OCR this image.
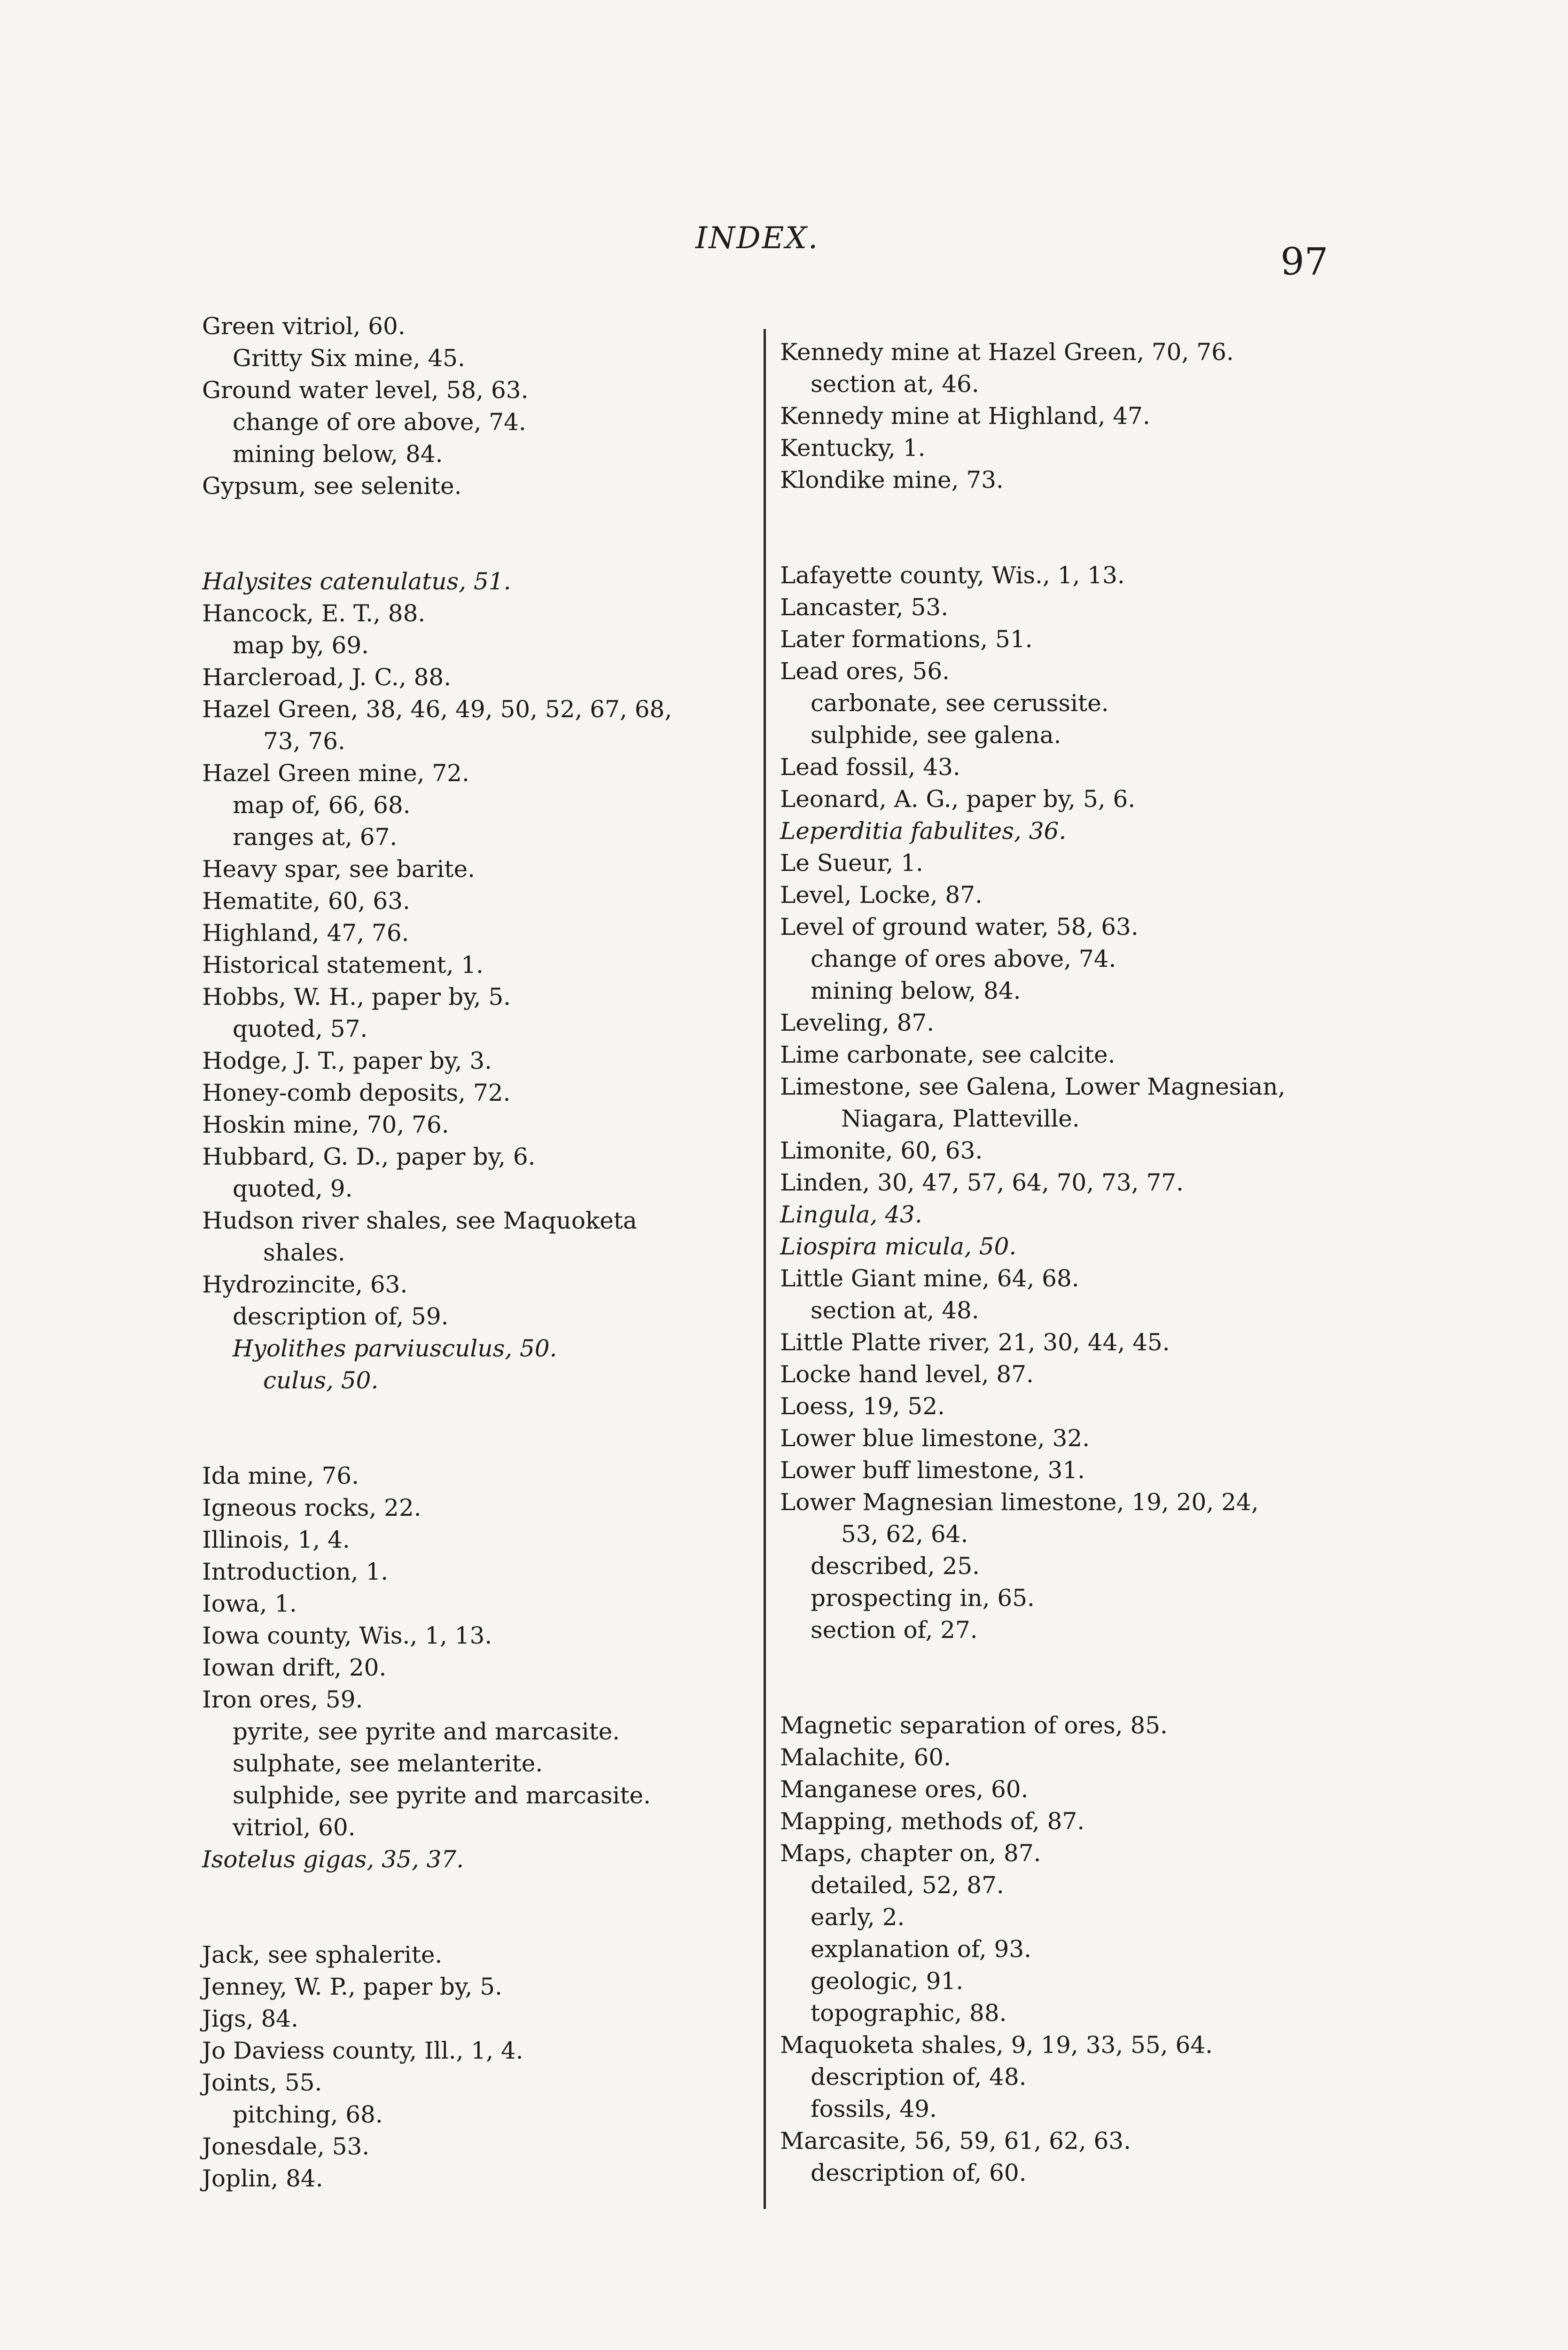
INDEX.
97
Green vitriol, 60.
Gritty Six mine, 45.
Ground water level, 58, 63.
change of ore above, 74.
mining below, 84.
Gypsum, see selenite.
Halysites catenulatus, 51.
Hancock, E. T., 88.
map by, 69.
Harcleroad, J. C., 88.
Hazel Green, 38, 46, 49, 50, 52, 67, 68,
73, 76.
Hazel Green mine, 72.
map of, 66, 68.
ranges at, 67.
Heavy spar, see barite.
Hematite, 60, 63.
Highland, 47, 76.
Historical statement, 1.
Hobbs, W. H., paper by, 5.
quoted, 57.
Hodge, J. T., paper by, 3.
Honey-comb deposits, 72.
Hoskin mine, 70, 76.
Hubbard, G. D., paper by, 6.
quoted, 9.
Hudson river shales, see Maquoketa
shales.
Hydrozincite, 63.
description of, 59.
Hyolithes parviusculus, 50.
culus, 50.
Ida mine, 76.
Igneous rocks, 22.
Illinois, 1, 4.
Introduction, 1.
Iowa, 1.
Iowa county, Wis., 1, 13.
Iowan drift, 20.
Iron ores, 59.
pyrite, see pyrite and marcasite.
sulphate, see melanterite.
sulphide, see pyrite and marcasite.
vitriol, 60.
Isotelus gigas, 35, 37.
Jack, see sphalerite.
Jenney, W. P., paper by, 5.
Jigs, 84.
Jo Daviess county, Ill., 1, 4.
Joints, 55.
pitching, 68.
Jonesdale, 53.
Joplin, 84.
Kennedy mine at Hazel Green, 70, 76.
section at, 46.
Kennedy mine at Highland, 47.
Kentucky, 1.
Klondike mine, 73.
Lafayette county, Wis., 1, 13.
Lancaster, 53.
Later formations, 51.
Lead ores, 56.
carbonate, see cerussite.
sulphide, see galena.
Lead fossil, 43.
Leonard, A. G., paper by, 5, 6.
Leperditia fabulites, 36.
Le Sueur, 1.
Level, Locke, 87.
Level of ground water, 58, 63.
change of ores above, 74.
mining below, 84.
Leveling, 87.
Lime carbonate, see calcite.
Limestone, see Galena, Lower Magnesian,
Niagara, Platteville.
Limonite, 60, 63.
Linden, 30, 47, 57, 64, 70, 73, 77.
Lingula, 43.
Liospira micula, 50.
Little Giant mine, 64, 68.
section at, 48.
Little Platte river, 21, 30, 44, 45.
Locke hand level, 87.
Loess, 19, 52.
Lower blue limestone, 32.
Lower buff limestone, 31.
Lower Magnesian limestone, 19, 20, 24,
53, 62, 64.
described, 25.
prospecting in, 65.
section of, 27.
Magnetic separation of ores, 85.
Malachite, 60.
Manganese ores, 60.
Mapping, methods of, 87.
Maps, chapter on, 87.
detailed, 52, 87.
early, 2.
explanation of, 93.
geologic, 91.
topographic, 88.
Maquoketa shales, 9, 19, 33, 55, 64.
description of, 48.
fossils, 49.
Marcasite, 56, 59, 61, 62, 63.
description of, 60.
